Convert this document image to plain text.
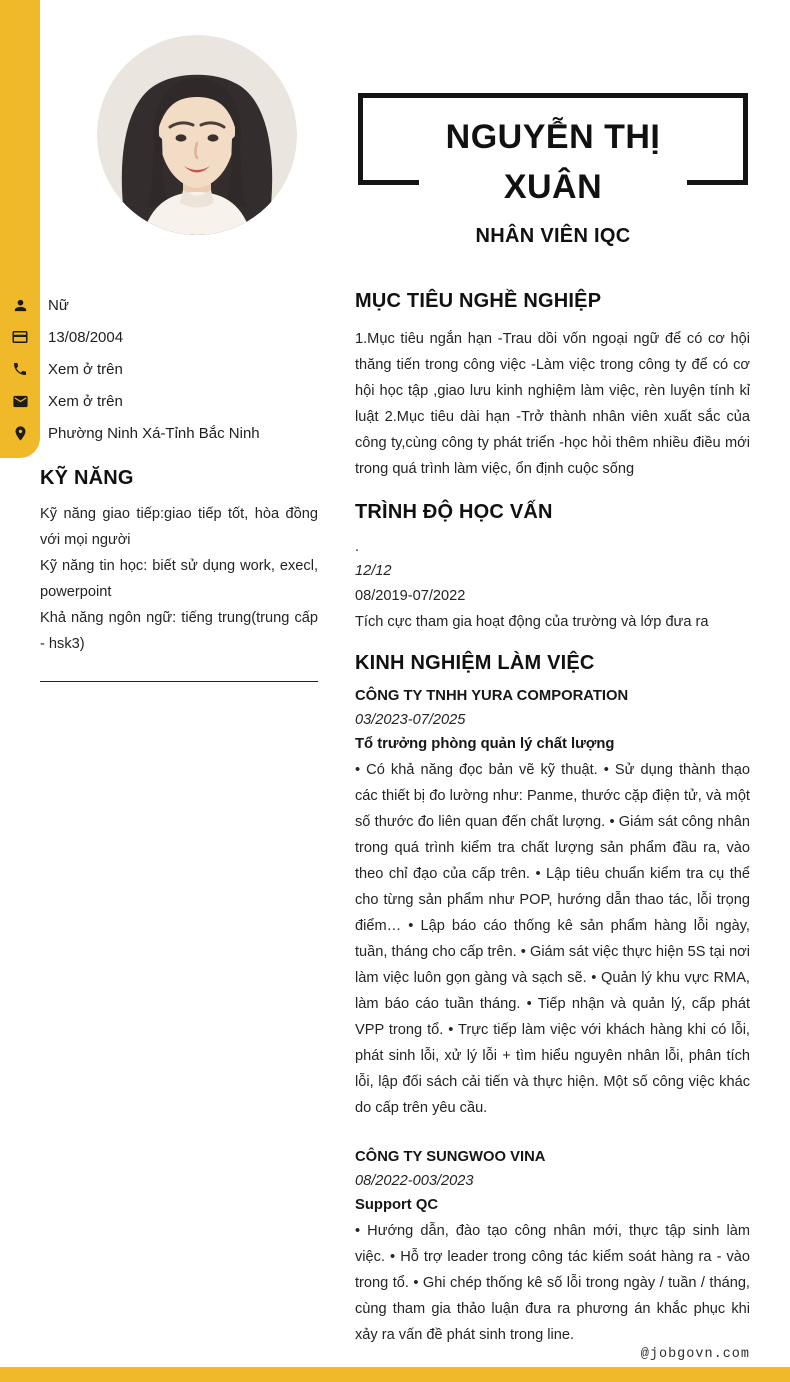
NGUYỄN THỊ XUÂN
NHÂN VIÊN IQC
Nữ
13/08/2004
Xem ở trên
Xem ở trên
Phường Ninh Xá-Tỉnh Bắc Ninh
KỸ NĂNG

Kỹ năng giao tiếp:giao tiếp tốt, hòa đồng với mọi người

Kỹ năng tin học: biết sử dụng work, execl, powerpoint

Khả năng ngôn ngữ: tiếng trung(trung cấp - hsk3)

MỤC TIÊU NGHỀ NGHIỆP

1.Mục tiêu ngắn hạn -Trau dồi vốn ngoại ngữ để có cơ hội thăng tiến trong công việc -Làm việc trong công ty để có cơ hội học tập ,giao lưu kinh nghiệm làm việc, rèn luyện tính kỉ luật 2.Mục tiêu dài hạn -Trở thành nhân viên xuất sắc của công ty,cùng công ty phát triển -học hỏi thêm nhiều điều mới trong quá trình làm việc, ổn định cuộc sống

TRÌNH ĐỘ HỌC VẤN
.
12/12
08/2019-07/2022
Tích cực tham gia hoạt động của trường và lớp đưa ra
KINH NGHIỆM LÀM VIỆC
CÔNG TY TNHH YURA COMPORATION
03/2023-07/2025
Tổ trưởng phòng quản lý chất lượng

• Có khả năng đọc bản vẽ kỹ thuật. • Sử dụng thành thạo các thiết bị đo lường như: Panme, thước cặp điện tử, và một số thước đo liên quan đến chất lượng. • Giám sát công nhân trong quá trình kiểm tra chất lượng sản phẩm đầu ra, vào theo chỉ đạo của cấp trên. • Lập tiêu chuẩn kiểm tra cụ thể cho từng sản phẩm như POP, hướng dẫn thao tác, lỗi trọng điểm… • Lập báo cáo thống kê sản phẩm hàng lỗi ngày, tuần, tháng cho cấp trên. • Giám sát việc thực hiện 5S tại nơi làm việc luôn gọn gàng và sạch sẽ. • Quản lý khu vực RMA, làm báo cáo tuần tháng. • Tiếp nhận và quản lý, cấp phát VPP trong tổ. • Trực tiếp làm việc với khách hàng khi có lỗi, phát sinh lỗi, xử lý lỗi + tìm hiểu nguyên nhân lỗi, phân tích lỗi, lập đối sách cải tiến và thực hiện. Một số công việc khác do cấp trên yêu cầu.

CÔNG TY SUNGWOO VINA
08/2022-003/2023
Support QC

• Hướng dẫn, đào tạo công nhân mới, thực tập sinh làm việc. • Hỗ trợ leader trong công tác kiểm soát hàng ra - vào trong tổ. • Ghi chép thống kê số lỗi trong ngày / tuần / tháng, cùng tham gia thảo luận đưa ra phương án khắc phục khi xảy ra vấn đề phát sinh trong line.

@jobgovn.com
